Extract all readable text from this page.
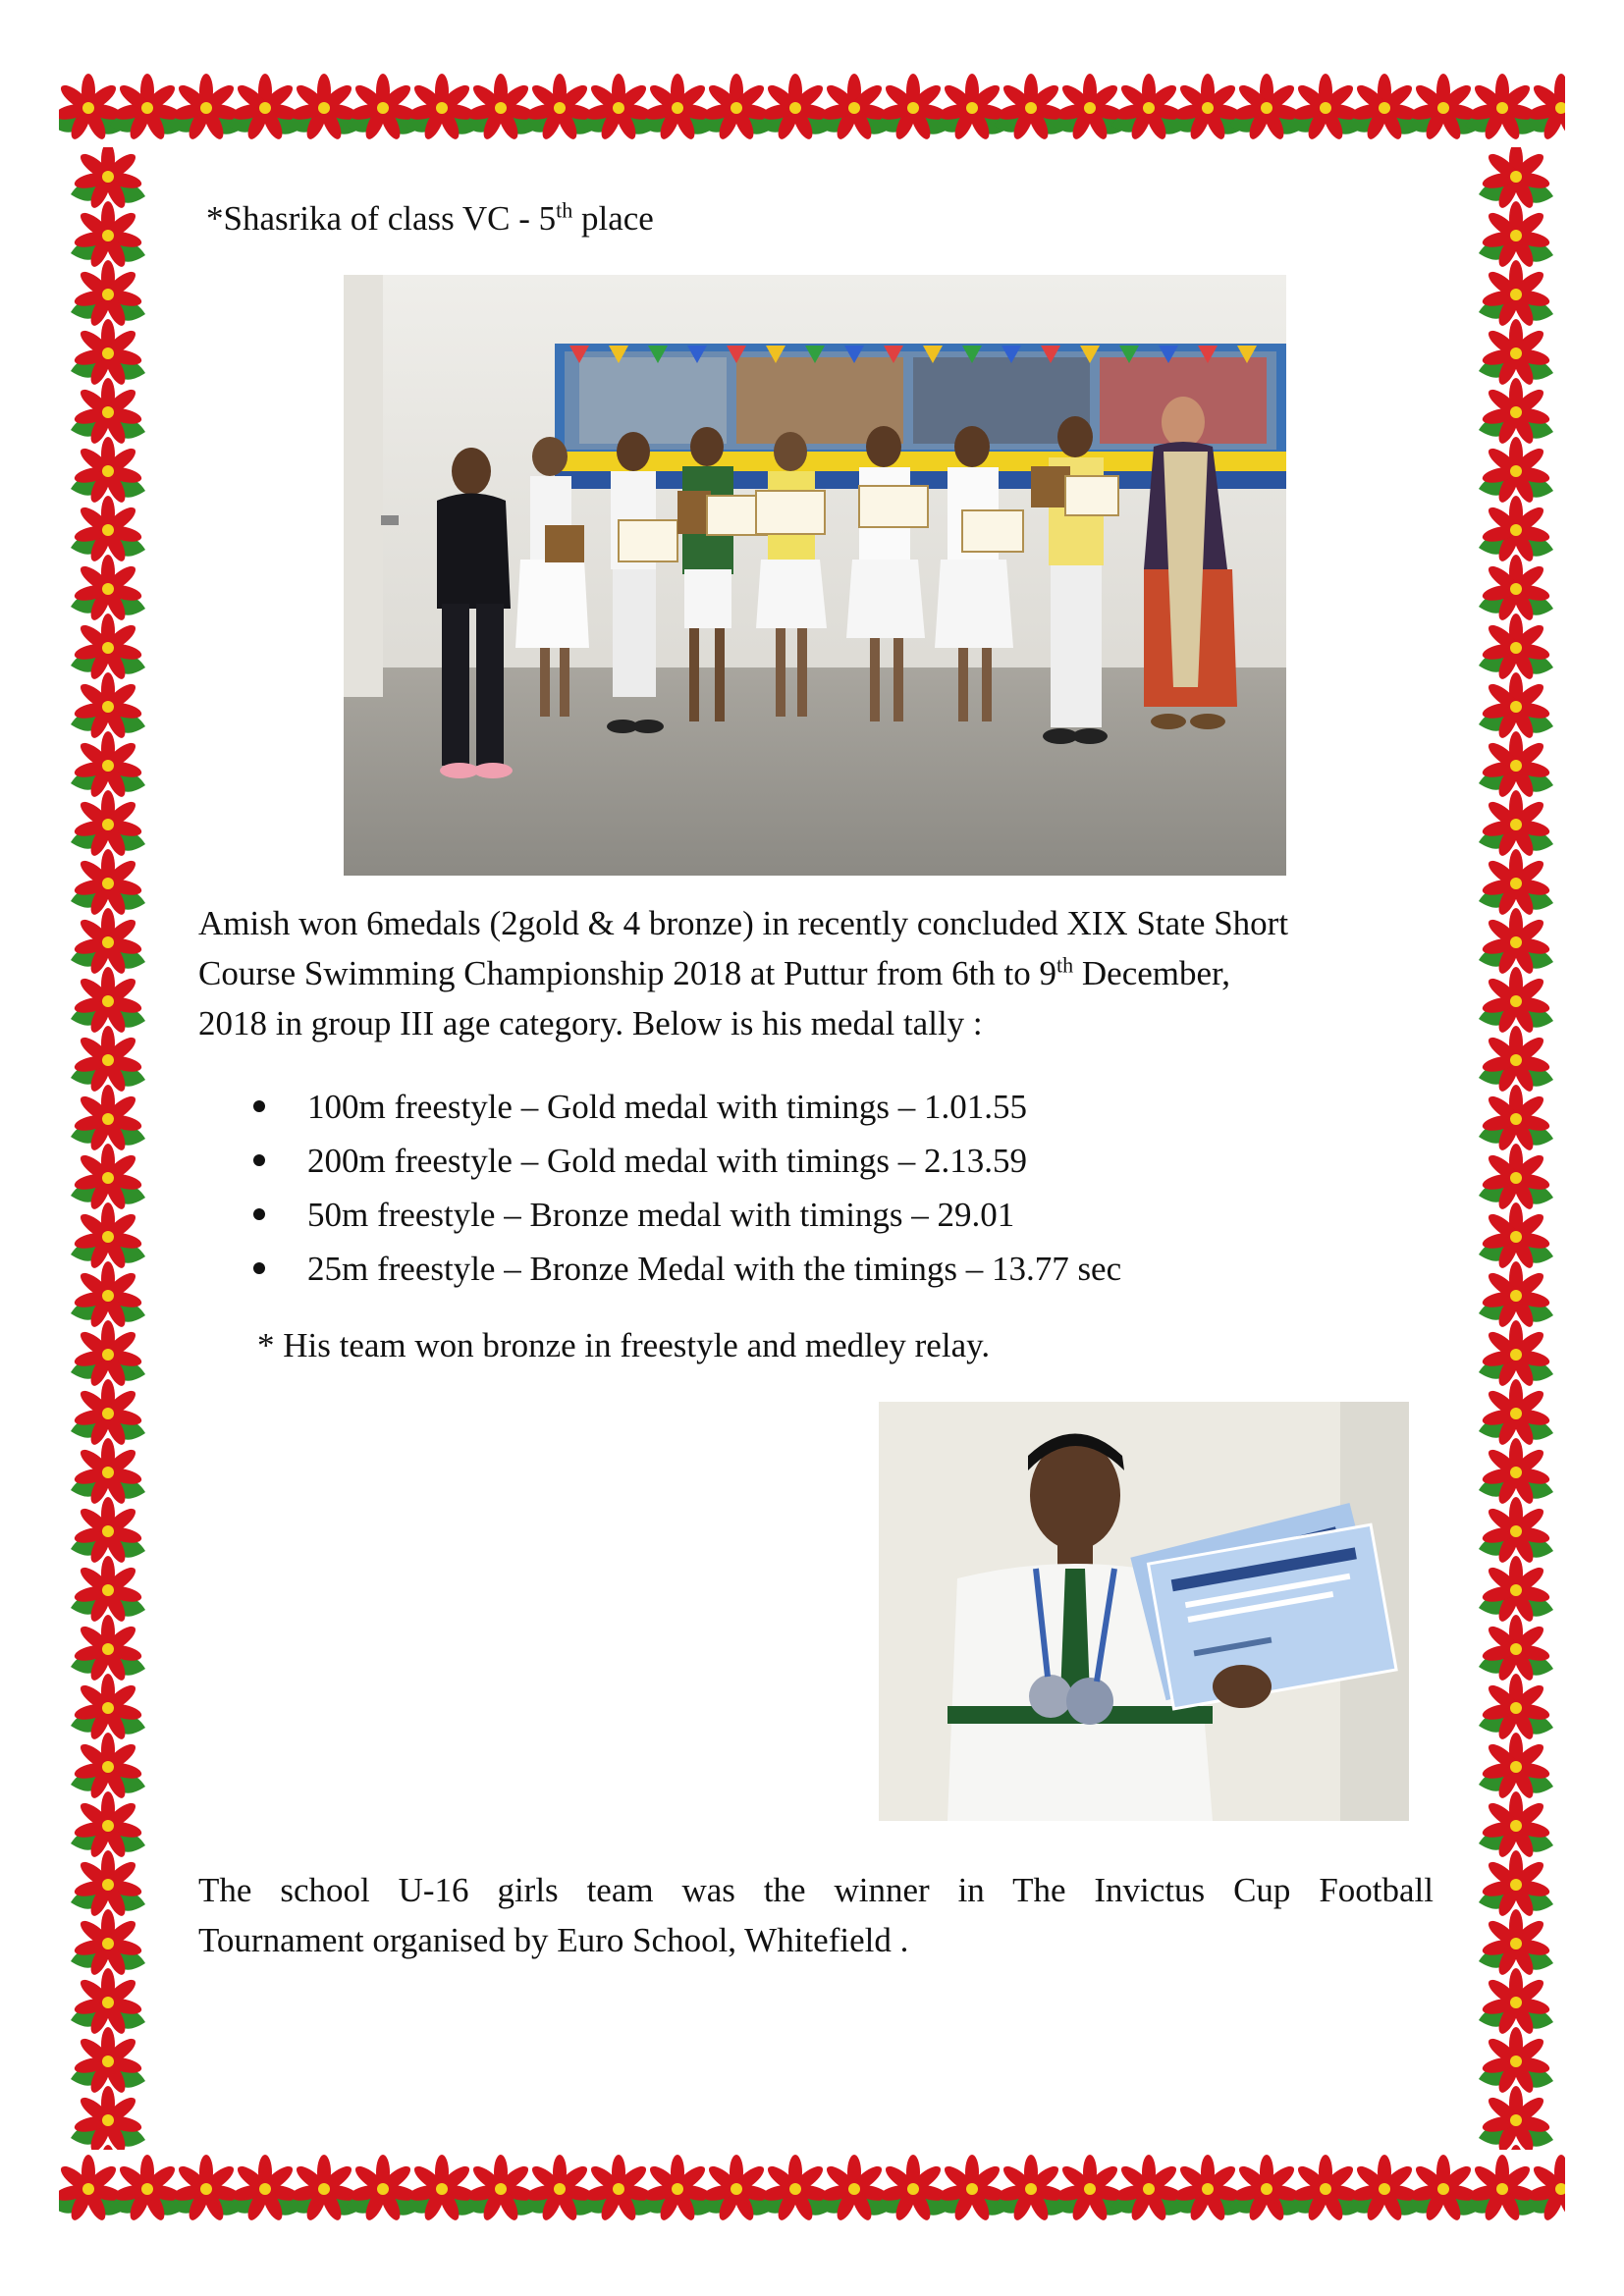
*Shasrika of class VC - 5th place
Amish won 6medals (2gold & 4 bronze) in recently concluded XIX State Short
Course Swimming Championship 2018 at Puttur from 6th to 9th December,
2018 in group III age category. Below is his medal tally :
100m freestyle – Gold medal with timings – 1.01.55
200m freestyle – Gold medal with timings – 2.13.59
50m freestyle – Bronze medal with timings – 29.01
25m freestyle – Bronze Medal with the timings – 13.77 sec
* His team won bronze in freestyle and medley relay.
The school U-16 girls team was the winner in The Invictus Cup Football
Tournament organised by Euro School, Whitefield .
